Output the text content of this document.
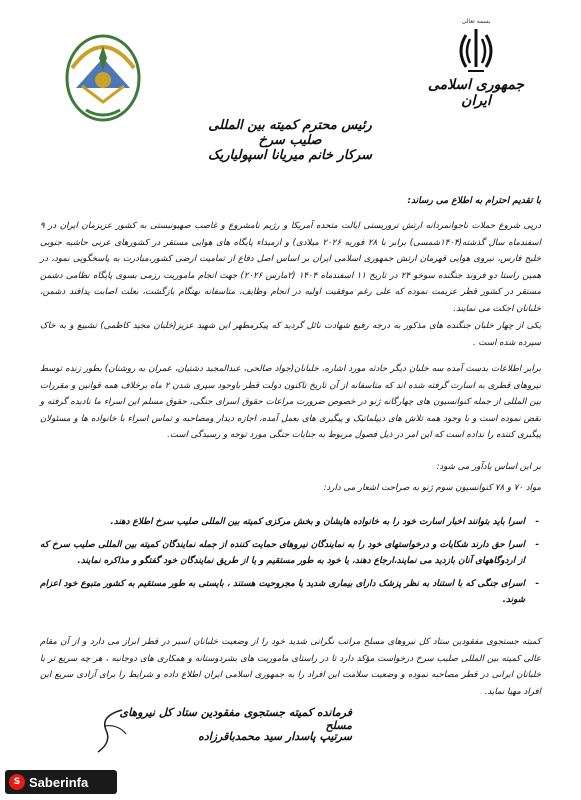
بسمه تعالی
جمهوری اسلامی ایران
رئیس محترم کمیته بین المللی صلیب سرخ
سرکار خانم میریانا اسپولیاریک
با تقدیم احترام به اطلاع می رساند:
درپی شروع حملات ناجوانمردانه ارتش تروریستی ایالت متحده آمریکا و رژیم نامشروع و غاصب صهیونیستی به کشور عزیزمان ایران در ۹ اسفندماه سال گذشته(۱۴۰۴شمسی) برابر با ۲۸ فوریه ۲۰۲۶ میلادی) و ازمبداء پایگاه های هوایی مستقر در کشورهای عربی حاشیه جنوبی خلیج فارس، نیروی هوایی قهرمان ارتش جمهوری اسلامی ایران بر اساس اصل دفاع از تمامیت ارضی کشور،مبادرت به پاسخگویی نمود، در همین راستا دو فروند جنگنده سوخو ۲۴ در تاریخ ۱۱ اسفندماه ۱۴۰۴ (۲مارس ۲۰۲۶) جهت انجام ماموریت رزمی بسوی پایگاه نظامی دشمن مستقر در کشور قطر عزیمت نموده که علی رغم موفقیت اولیه در انجام وظایف، متاسفانه بهنگام بازگشت، بعلت اصابت پدافند دشمن، خلبانان اجکت می نمایند.
یکی از چهار خلبان جنگنده های مذکور به درجه رفیع شهادت نائل گردید که پیکرمطهر این شهید عزیز(خلبان مجید کاظمی) تشییع و به خاک سپرده شده است .
برابر اطلاعات بدست آمده سه خلبان دیگر حادثه مورد اشاره، خلبانان(جواد صالحی، عبدالمجید دشتیان، عمران به روشنان) بطور زنده توسط نیروهای قطری به اسارت گرفته شده اند که متاسفانه از آن تاریخ تاکنون دولت قطر باوجود سپری شدن ۲ ماه برخلاف همه قوانین و مقررات بین المللی از جمله کنوانسیون های چهارگانه ژنو در خصوص ضرورت مراعات حقوق اسرای جنگی، حقوق مسلم این اسراء ما نادیده گرفته و نقض نموده است و با وجود همه تلاش های دیپلماتیک و پیگیری های بعمل آمده، اجازه دیدار ومصاحبه و تماس اسراء با خانواده ها و مسئولان پیگیری کننده را نداده است که این امر در ذیل فصول مربوط به جنایات جنگی مورد توجه و رسیدگی است.
بر این اساس یادآور می شود:
مواد ۷۰ و ۷۸ کنوانسیون سوم ژنو به صراحت اشعار می دارد:
- اسرا باید بتوانند اخبار اسارت خود را به خانواده هایشان و بخش مرکزی کمیته بین المللی صلیب سرخ اطلاع دهند.
- اسرا حق دارند شکایات و درخواستهای خود را به نمایندگان نیروهای حمایت کننده از جمله نمایندگان کمیته بین المللی صلیب سرخ که از اردوگاههای آنان بازدید می نمایند،ارجاع دهند، یا خود به طور مستقیم و یا از طریق نمایندگان خود گفتگو و مذاکره نمایند.
- اسرای جنگی که با استناد به نظر پزشک دارای بیماری شدید یا مجروحیت هستند ، بایستی به طور مستقیم به کشور متبوع خود اعزام شوند.
کمیته جستجوی مفقودین ستاد کل نیروهای مسلح مراتب نگرانی شدید خود را از وضعیت خلبانان اسیر در قطر ابراز می دارد و از آن مقام عالی کمیته بین المللی صلیب سرخ درخواست مؤکد دارد تا در راستای ماموریت های بشردوستانه و همکاری های دوجانبه ، هر چه سریع تر با خلبانان ایرانی در قطر مصاحبه نموده و وضعیت سلامت این افراد را به جمهوری اسلامی ایران اطلاع داده و شرایط را برای آزادی سریع این افراد مهیا نماید.
فرمانده کمیته جستجوی مفقودین ستاد کل نیروهای مسلح
سرتیپ پاسدار سید محمدباقرزاده
S Saberinfa
